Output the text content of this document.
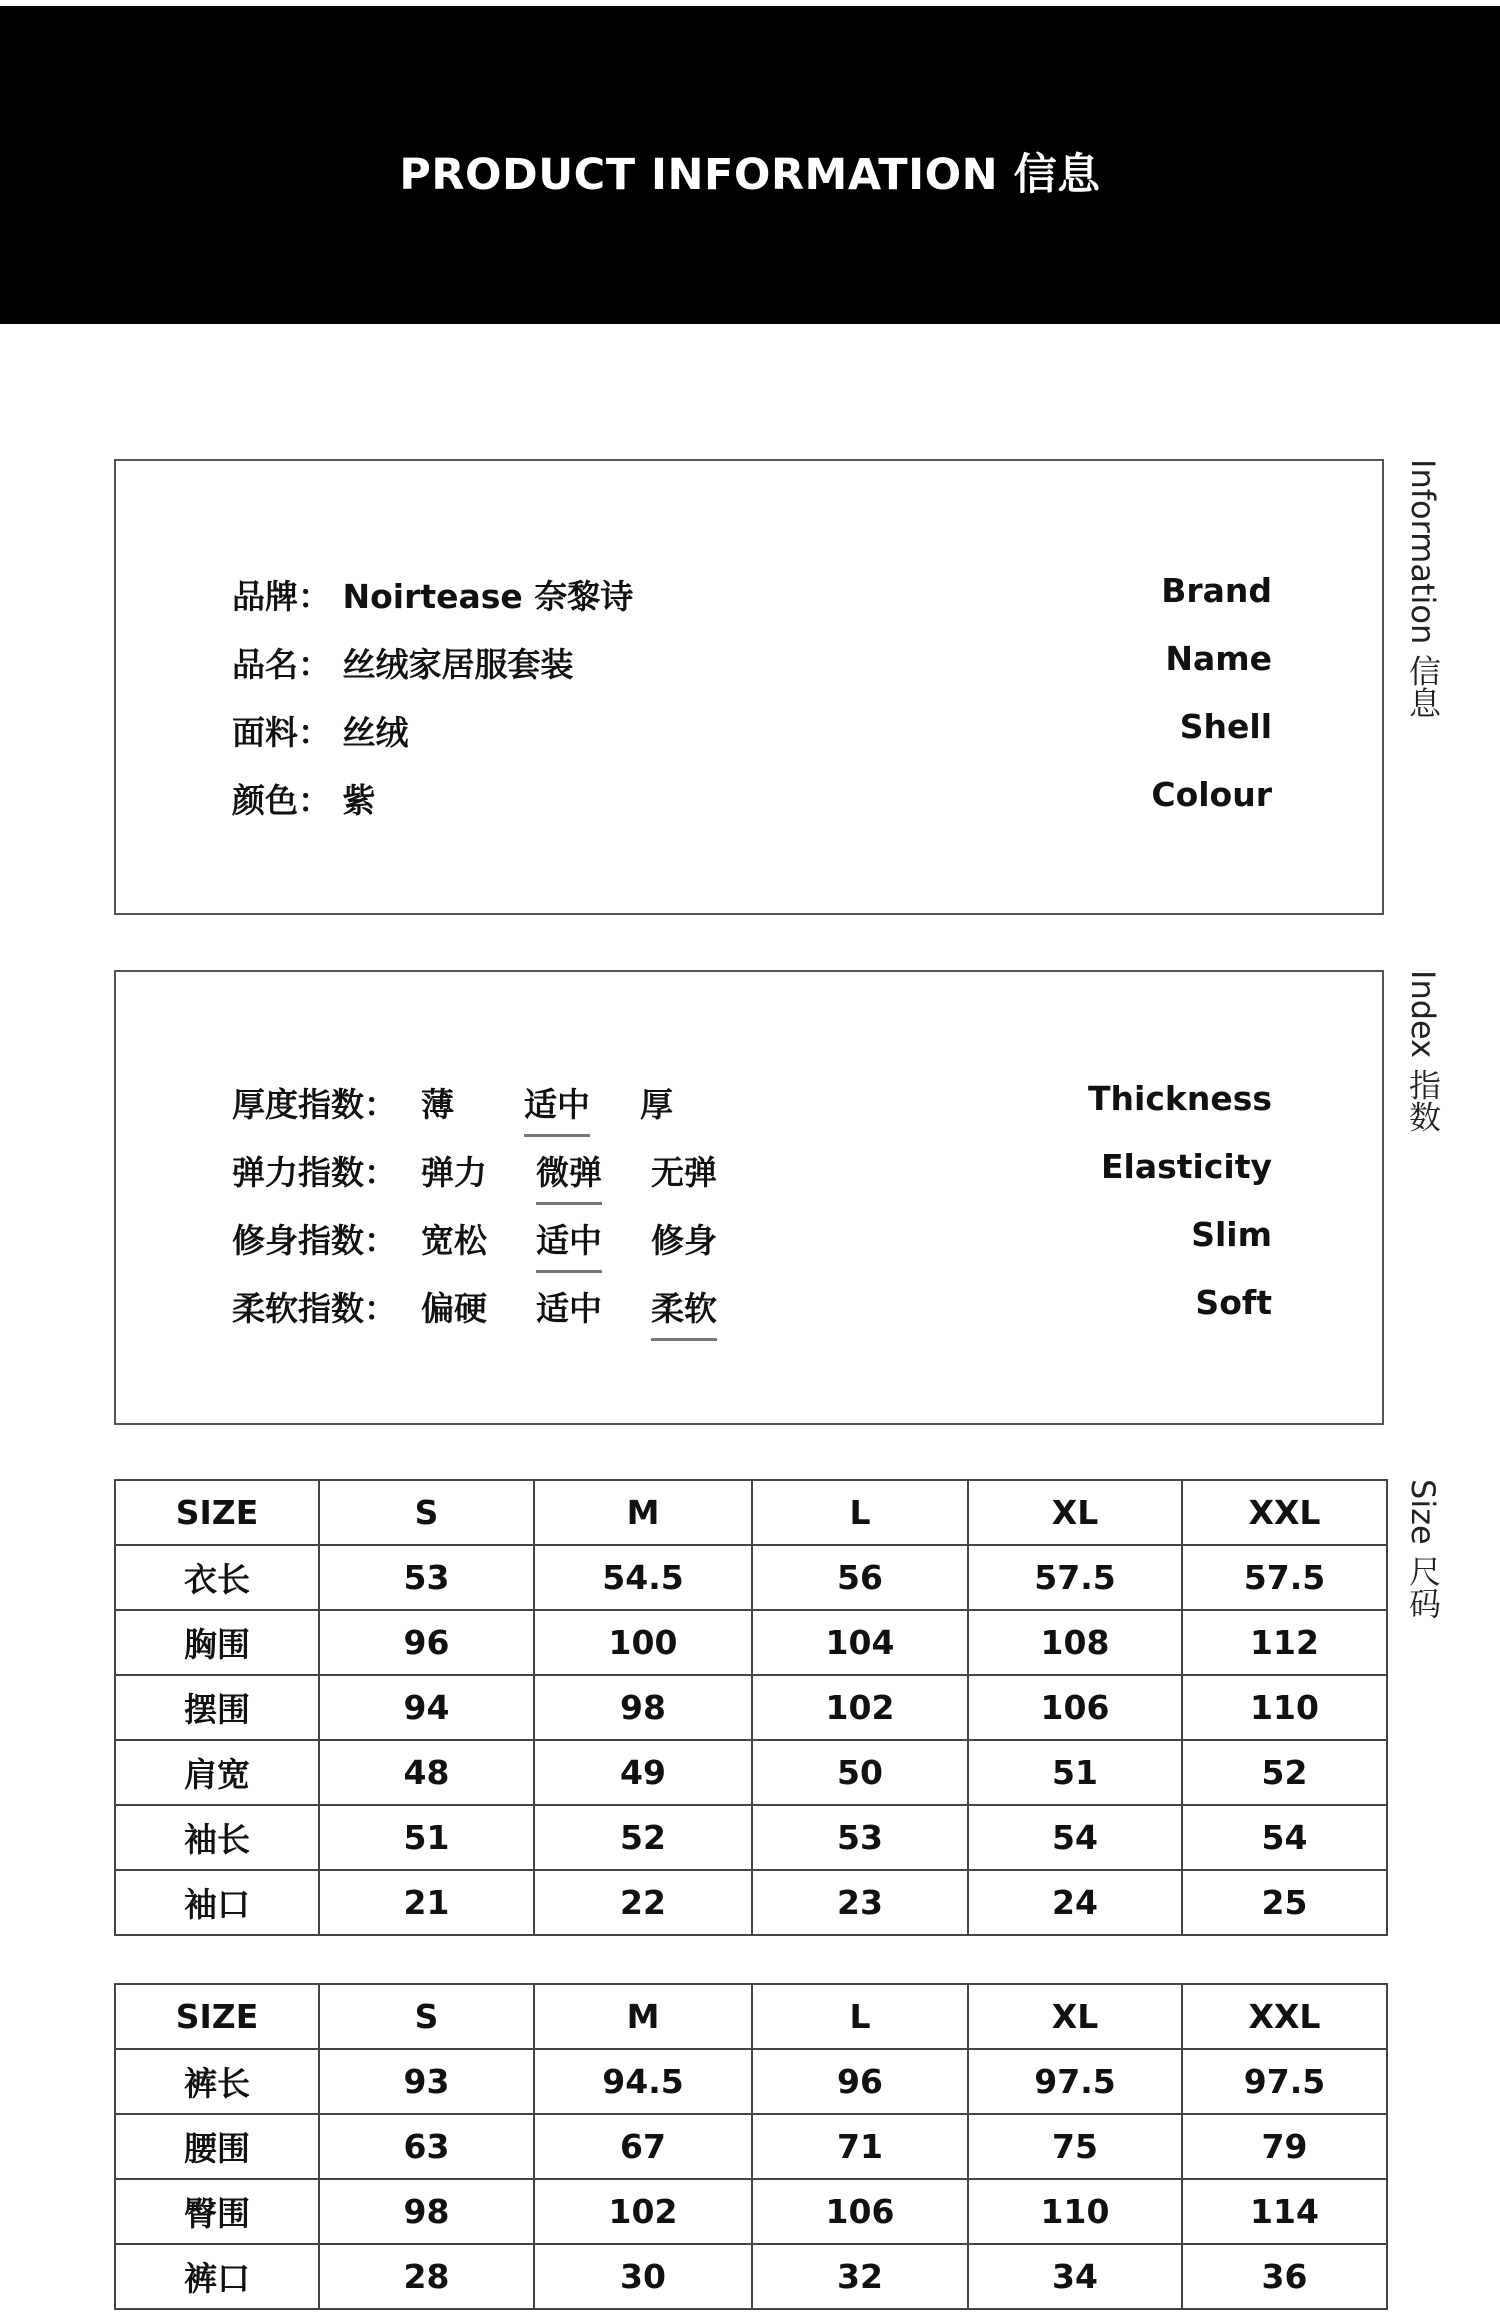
PRODUCT INFORMATION 信息
品牌： Noirtease 奈黎诗	Brand
品名： 丝绒家居服套装	Name
面料： 丝绒	Shell
颜色： 紫	Colour
Information 信息
厚度指数： 薄 适中 厚	Thickness
弹力指数： 弹力 微弹 无弹	Elasticity
修身指数： 宽松 适中 修身	Slim
柔软指数： 偏硬 适中 柔软	Soft
Index 指数
SIZE	S	M	L	XL	XXL
衣长	53	54.5	56	57.5	57.5
胸围	96	100	104	108	112
摆围	94	98	102	106	110
肩宽	48	49	50	51	52
袖长	51	52	53	54	54
袖口	21	22	23	24	25
Size 尺码
SIZE	S	M	L	XL	XXL
裤长	93	94.5	96	97.5	97.5
腰围	63	67	71	75	79
臀围	98	102	106	110	114
裤口	28	30	32	34	36
